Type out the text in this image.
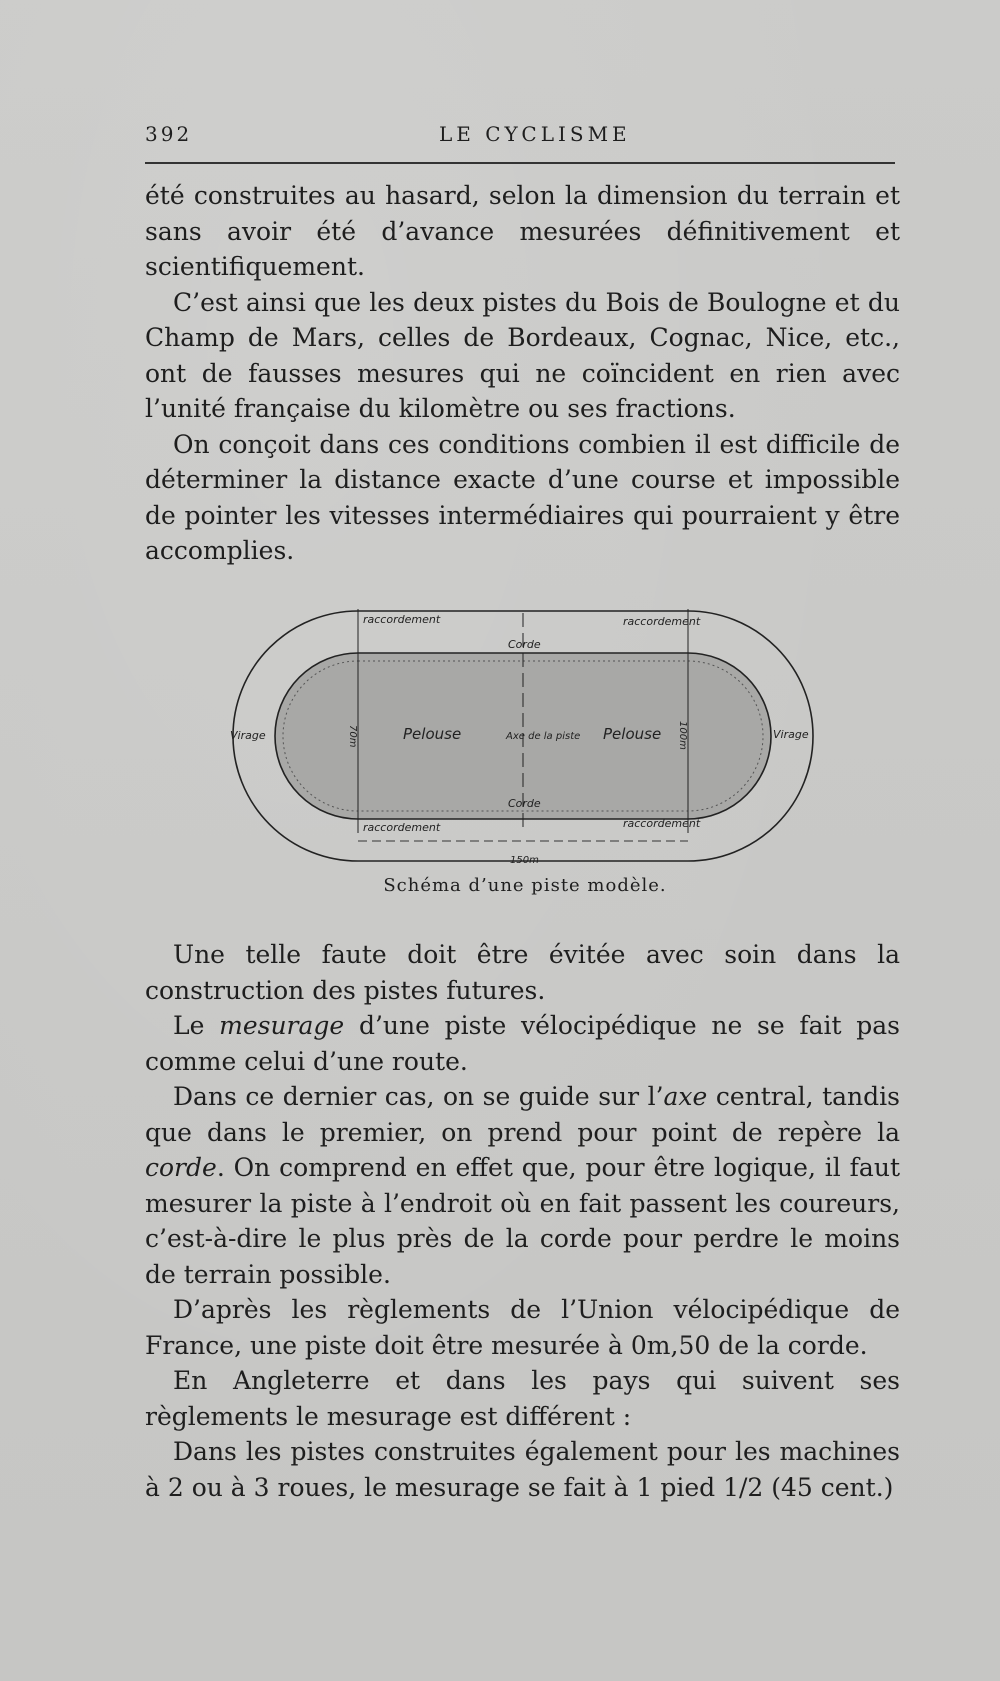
392	LE CYCLISME

été construites au hasard, selon la dimension du terrain et sans avoir été d’avance mesurées définitivement et scientifiquement.

C’est ainsi que les deux pistes du Bois de Boulogne et du Champ de Mars, celles de Bordeaux, Cognac, Nice, etc., ont de fausses mesures qui ne coïncident en rien avec l’unité française du kilomètre ou ses fractions.

On conçoit dans ces conditions combien il est difficile de déterminer la distance exacte d’une course et impossible de pointer les vitesses intermédiaires qui pourraient y être accomplies.

raccordement	raccordement
raccordement	raccordement
Corde
Corde
Virage	Virage
Pelouse	Pelouse
Axe de la piste
70m	100m
150m
Schéma d’une piste modèle.

Une telle faute doit être évitée avec soin dans la construction des pistes futures.

Le mesurage d’une piste vélocipédique ne se fait pas comme celui d’une route.

Dans ce dernier cas, on se guide sur l’axe central, tandis que dans le premier, on prend pour point de repère la corde. On comprend en effet que, pour être logique, il faut mesurer la piste à l’endroit où en fait passent les coureurs, c’est-à-dire le plus près de la corde pour perdre le moins de terrain possible.

D’après les règlements de l’Union vélocipédique de France, une piste doit être mesurée à 0m,50 de la corde.

En Angleterre et dans les pays qui suivent ses règlements le mesurage est différent :

Dans les pistes construites également pour les machines à 2 ou à 3 roues, le mesurage se fait à 1 pied 1/2 (45 cent.)
